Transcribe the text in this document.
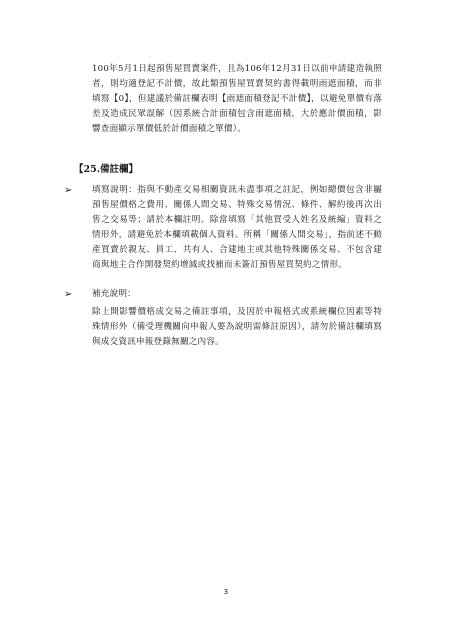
100年5月1日起預售屋買賣案件，且為106年12月31日以前申請建造執照者，則均適登記不計價，故此類預售屋買賣契約書得載明雨遮面積，而非填寫【0】，但建議於備註欄表明【雨遮面積登記不計價】，以避免單價有落差及造成民眾誤解（因系統合計面積包含雨遮面積，大於應計價面積，影響查面顯示單價低於計價面積之單價）。

【25.備註欄】

➢ 填寫說明：指與不動產交易相關資訊未盡事項之註記，例如總價包含非屬預售屋價格之費用、關係人間交易、特殊交易情況、條件、解約後再次出售之交易等；請於本欄註明。除當填寫「其他買受人姓名及統編」資料之情形外，請避免於本欄填載個人資料。所稱「關係人間交易」，指前述不動產買賣於親友、員工、共有人、合建地主或其他特殊關係交易、不包含建商與地主合作開發契約增減或找補而未簽訂預售屋買契約之情形。

➢ 補充說明：

除上開影響價格成交易之備註事項，及因於申報格式或系統欄位因素等特殊情形外（備受理機關向申報人要為說明需條註原因），請勿於備註欄填寫與成交資訊申報登錄無關之內容。

3
